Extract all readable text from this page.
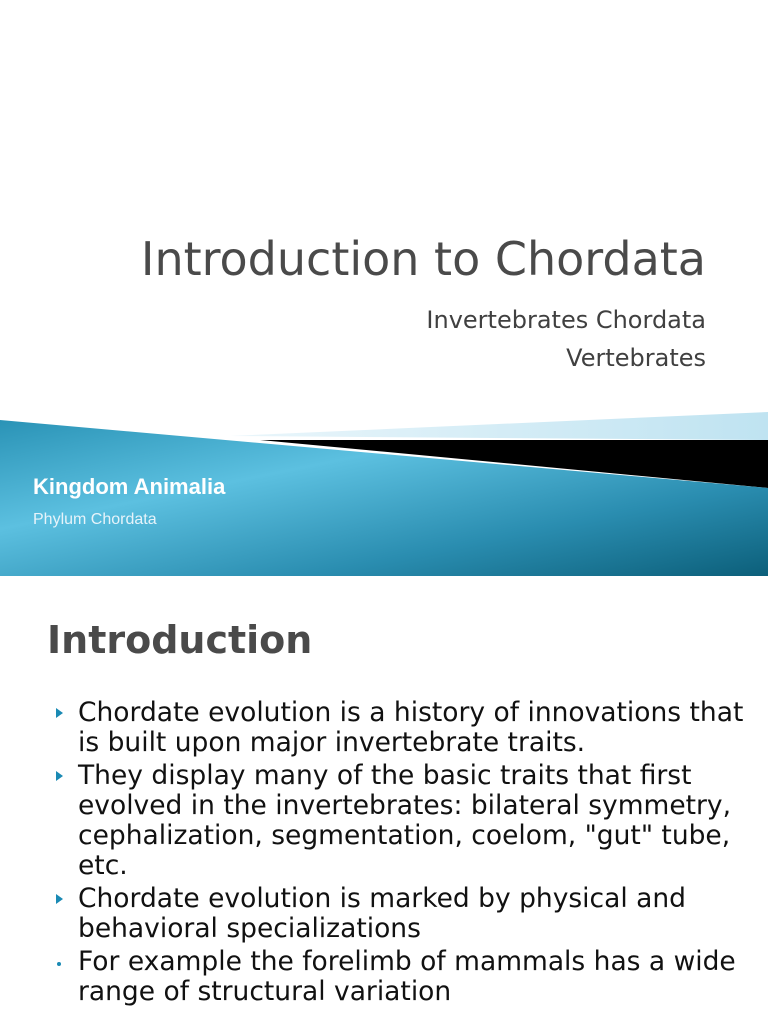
Introduction to Chordata
Invertebrates Chordata
Vertebrates
Kingdom Animalia
Phylum Chordata
Introduction
Chordate evolution is a history of innovations that is built upon major invertebrate traits.
They display many of the basic traits that first evolved in the invertebrates: bilateral symmetry, cephalization, segmentation, coelom, "gut" tube, etc.
Chordate evolution is marked by physical and behavioral specializations
For example the forelimb of mammals has a wide range of structural variation
